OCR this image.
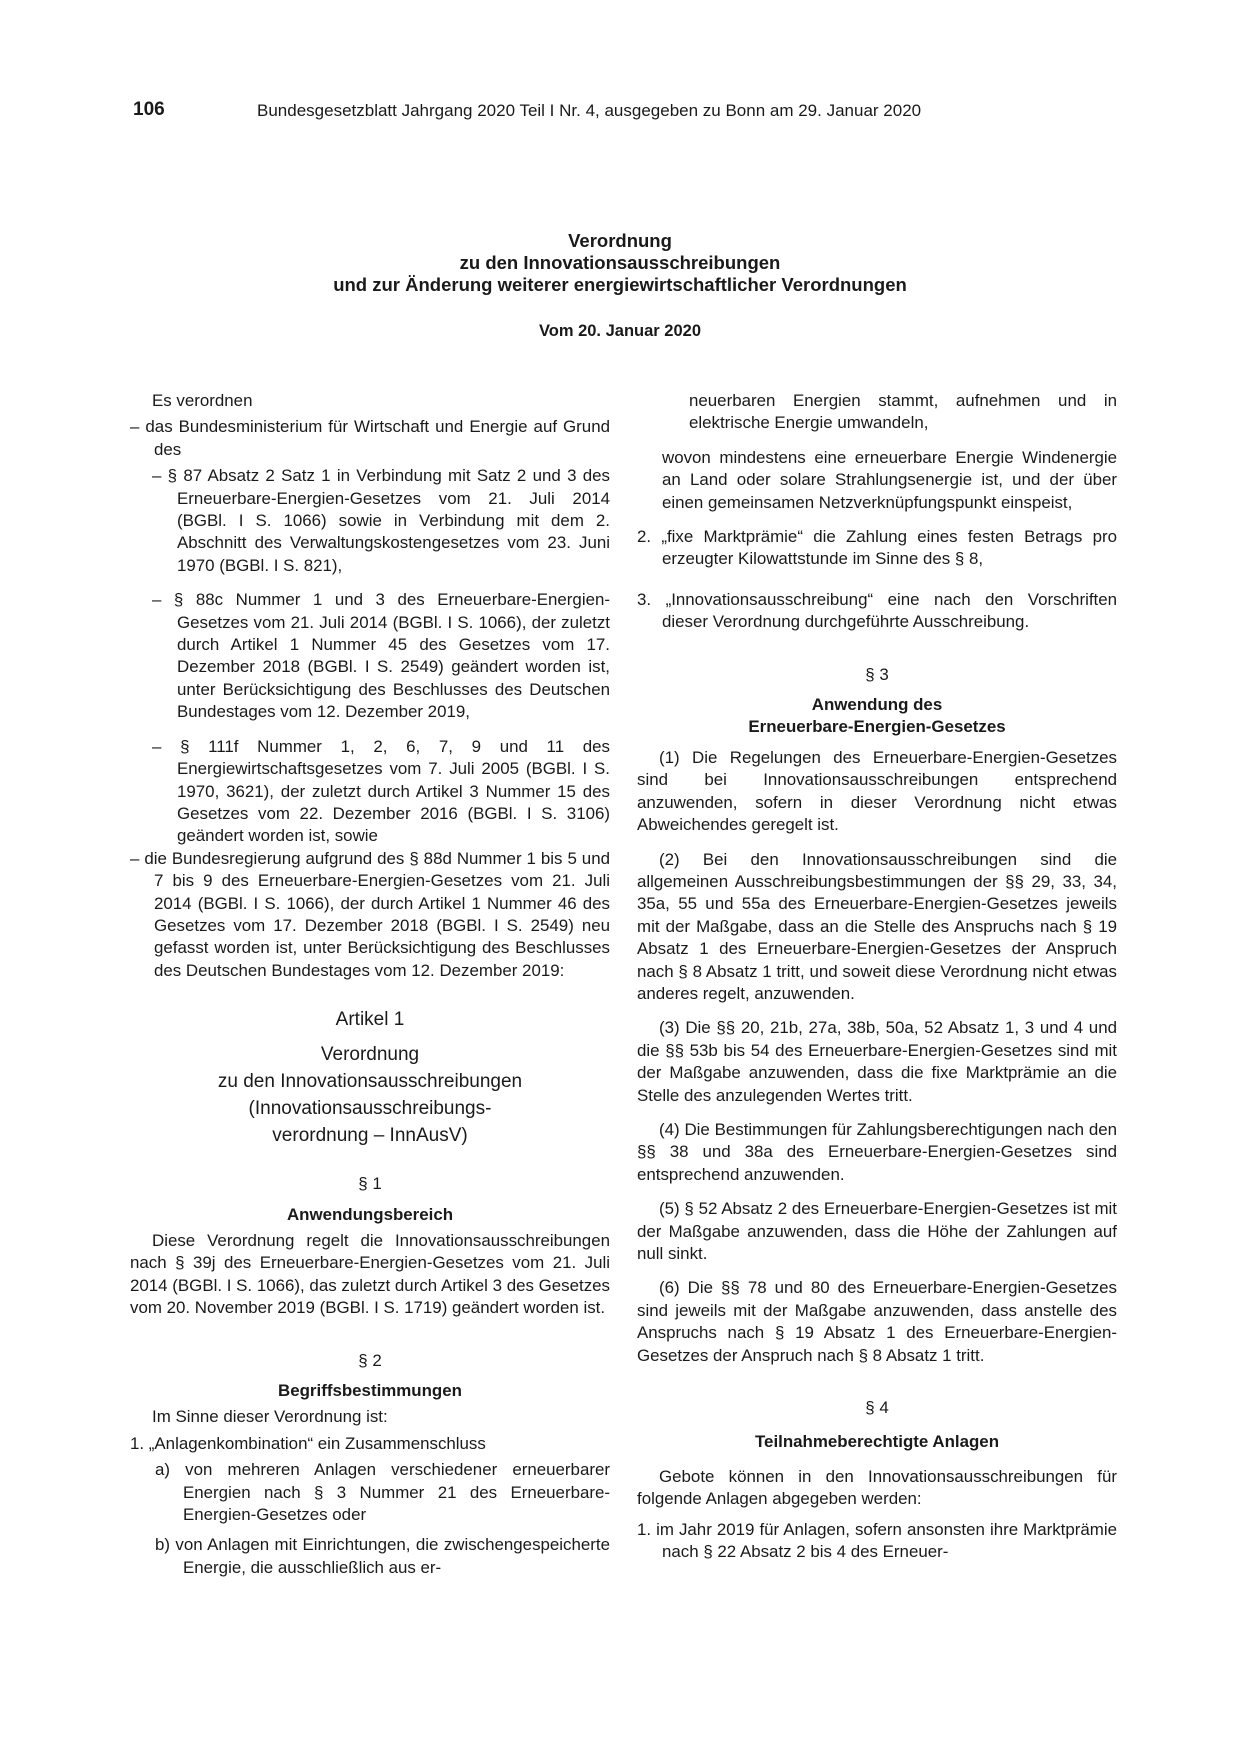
106	Bundesgesetzblatt Jahrgang 2020 Teil I Nr. 4, ausgegeben zu Bonn am 29. Januar 2020
Verordnung
zu den Innovationsausschreibungen
und zur Änderung weiterer energiewirtschaftlicher Verordnungen
Vom 20. Januar 2020

Es verordnen

– das Bundesministerium für Wirtschaft und Energie auf Grund des

– § 87 Absatz 2 Satz 1 in Verbindung mit Satz 2 und 3 des Erneuerbare-Energien-Gesetzes vom 21. Juli 2014 (BGBl. I S. 1066) sowie in Verbindung mit dem 2. Abschnitt des Verwaltungskostengesetzes vom 23. Juni 1970 (BGBl. I S. 821),

– § 88c Nummer 1 und 3 des Erneuerbare-Energien-Gesetzes vom 21. Juli 2014 (BGBl. I S. 1066), der zuletzt durch Artikel 1 Nummer 45 des Gesetzes vom 17. Dezember 2018 (BGBl. I S. 2549) geändert worden ist, unter Berücksichtigung des Beschlusses des Deutschen Bundestages vom 12. Dezember 2019,

– § 111f Nummer 1, 2, 6, 7, 9 und 11 des Energiewirtschaftsgesetzes vom 7. Juli 2005 (BGBl. I S. 1970, 3621), der zuletzt durch Artikel 3 Nummer 15 des Gesetzes vom 22. Dezember 2016 (BGBl. I S. 3106) geändert worden ist, sowie

– die Bundesregierung aufgrund des § 88d Nummer 1 bis 5 und 7 bis 9 des Erneuerbare-Energien-Gesetzes vom 21. Juli 2014 (BGBl. I S. 1066), der durch Artikel 1 Nummer 46 des Gesetzes vom 17. Dezember 2018 (BGBl. I S. 2549) neu gefasst worden ist, unter Berücksichtigung des Beschlusses des Deutschen Bundestages vom 12. Dezember 2019:

Artikel 1
Verordnung
zu den Innovationsausschreibungen
(Innovationsausschreibungs-
verordnung – InnAusV)

§ 1

Anwendungsbereich

Diese Verordnung regelt die Innovationsausschreibungen nach § 39j des Erneuerbare-Energien-Gesetzes vom 21. Juli 2014 (BGBl. I S. 1066), das zuletzt durch Artikel 3 des Gesetzes vom 20. November 2019 (BGBl. I S. 1719) geändert worden ist.

§ 2

Begriffsbestimmungen

Im Sinne dieser Verordnung ist:

1. „Anlagenkombination“ ein Zusammenschluss

a) von mehreren Anlagen verschiedener erneuerbarer Energien nach § 3 Nummer 21 des Erneuerbare-Energien-Gesetzes oder

b) von Anlagen mit Einrichtungen, die zwischengespeicherte Energie, die ausschließlich aus er-

neuerbaren Energien stammt, aufnehmen und in elektrische Energie umwandeln,

wovon mindestens eine erneuerbare Energie Windenergie an Land oder solare Strahlungsenergie ist, und der über einen gemeinsamen Netzverknüpfungspunkt einspeist,

2. „fixe Marktprämie“ die Zahlung eines festen Betrags pro erzeugter Kilowattstunde im Sinne des § 8,

3. „Innovationsausschreibung“ eine nach den Vorschriften dieser Verordnung durchgeführte Ausschreibung.

§ 3

Anwendung des

Erneuerbare-Energien-Gesetzes

(1) Die Regelungen des Erneuerbare-Energien-Gesetzes sind bei Innovationsausschreibungen entsprechend anzuwenden, sofern in dieser Verordnung nicht etwas Abweichendes geregelt ist.

(2) Bei den Innovationsausschreibungen sind die allgemeinen Ausschreibungsbestimmungen der §§ 29, 33, 34, 35a, 55 und 55a des Erneuerbare-Energien-Gesetzes jeweils mit der Maßgabe, dass an die Stelle des Anspruchs nach § 19 Absatz 1 des Erneuerbare-Energien-Gesetzes der Anspruch nach § 8 Absatz 1 tritt, und soweit diese Verordnung nicht etwas anderes regelt, anzuwenden.

(3) Die §§ 20, 21b, 27a, 38b, 50a, 52 Absatz 1, 3 und 4 und die §§ 53b bis 54 des Erneuerbare-Energien-Gesetzes sind mit der Maßgabe anzuwenden, dass die fixe Marktprämie an die Stelle des anzulegenden Wertes tritt.

(4) Die Bestimmungen für Zahlungsberechtigungen nach den §§ 38 und 38a des Erneuerbare-Energien-Gesetzes sind entsprechend anzuwenden.

(5) § 52 Absatz 2 des Erneuerbare-Energien-Gesetzes ist mit der Maßgabe anzuwenden, dass die Höhe der Zahlungen auf null sinkt.

(6) Die §§ 78 und 80 des Erneuerbare-Energien-Gesetzes sind jeweils mit der Maßgabe anzuwenden, dass anstelle des Anspruchs nach § 19 Absatz 1 des Erneuerbare-Energien-Gesetzes der Anspruch nach § 8 Absatz 1 tritt.

§ 4

Teilnahmeberechtigte Anlagen

Gebote können in den Innovationsausschreibungen für folgende Anlagen abgegeben werden:

1. im Jahr 2019 für Anlagen, sofern ansonsten ihre Marktprämie nach § 22 Absatz 2 bis 4 des Erneuer-
